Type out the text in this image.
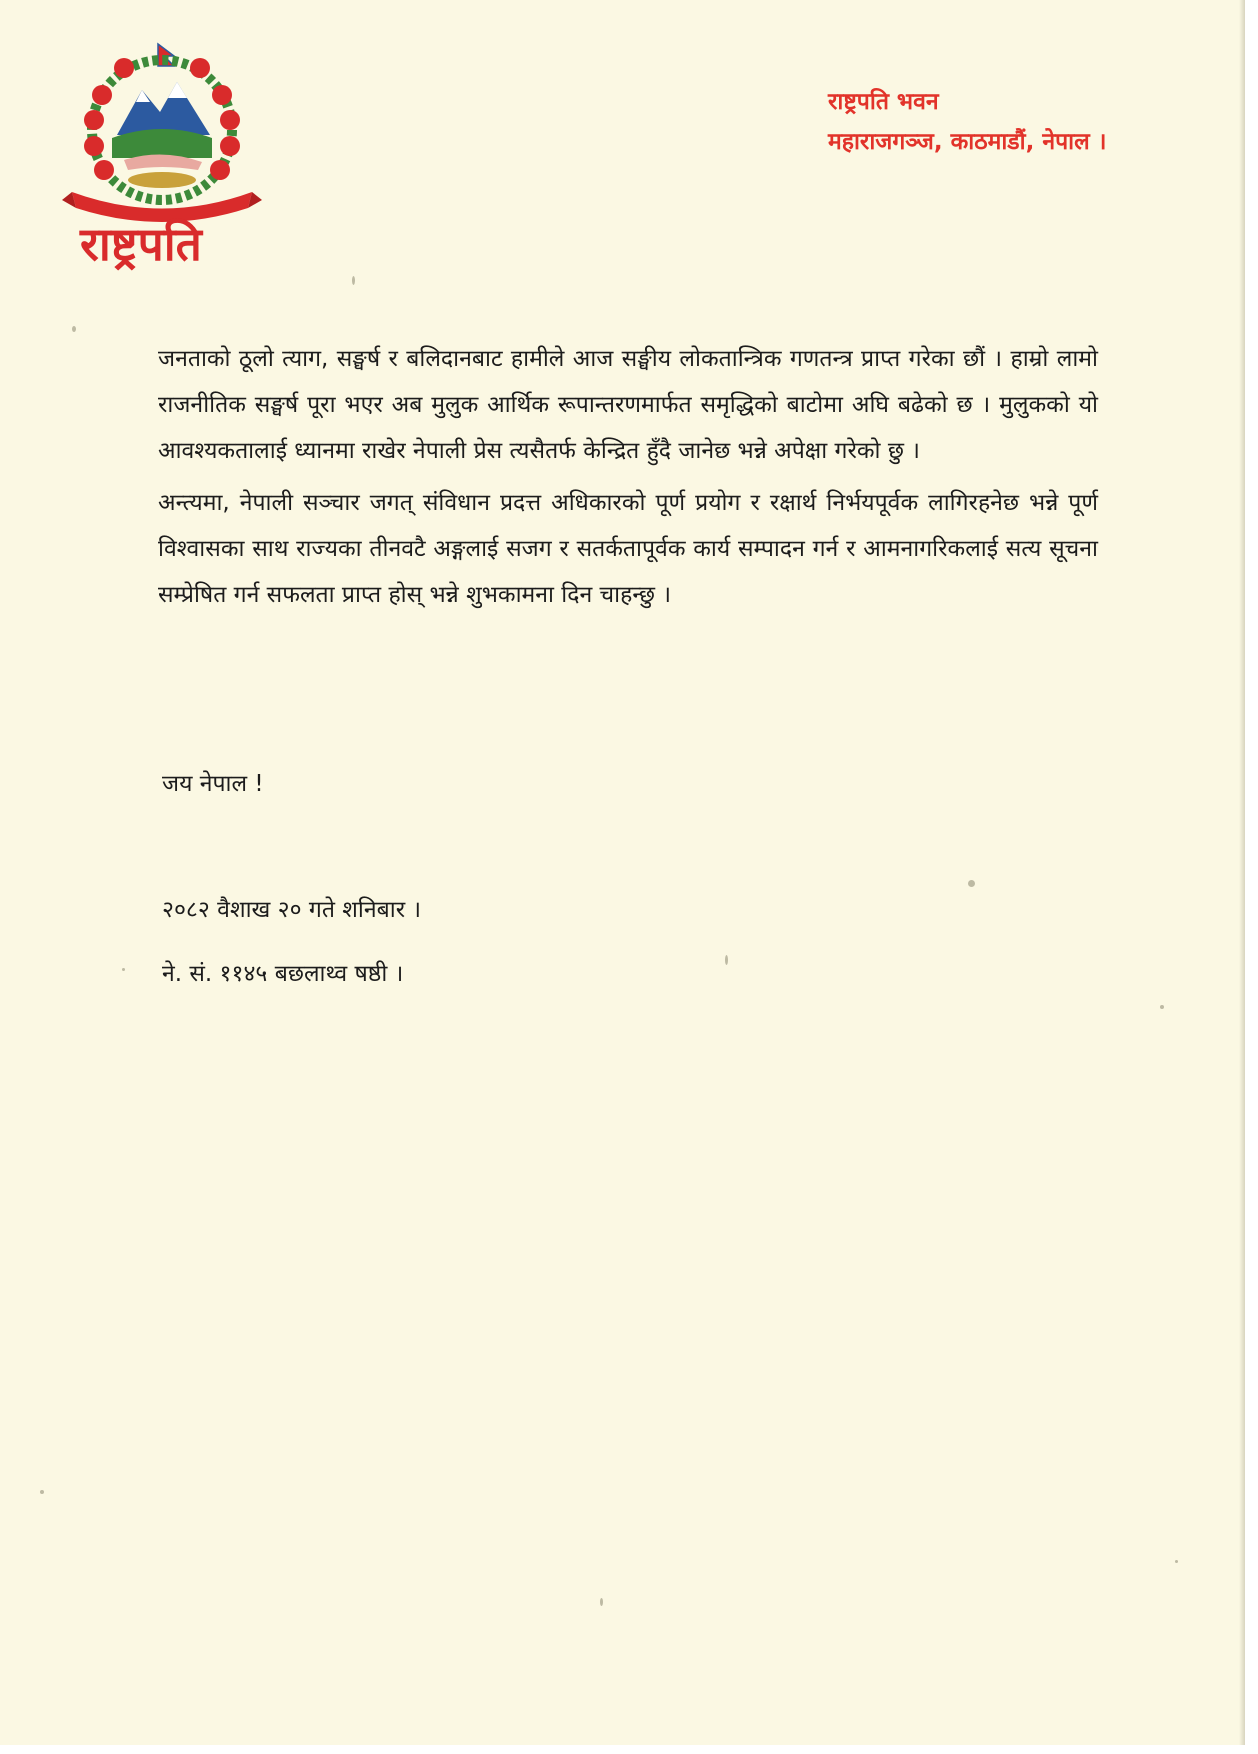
राष्ट्रपति
राष्ट्रपति भवन
महाराजगञ्ज, काठमाडौं, नेपाल ।

जनताको ठूलो त्याग, सङ्घर्ष र बलिदानबाट हामीले आज सङ्घीय लोकतान्त्रिक गणतन्त्र प्राप्त गरेका छौं । हाम्रो लामो राजनीतिक सङ्घर्ष पूरा भएर अब मुलुक आर्थिक रूपान्तरणमार्फत समृद्धिको बाटोमा अघि बढेको छ । मुलुकको यो आवश्यकतालाई ध्यानमा राखेर नेपाली प्रेस त्यसैतर्फ केन्द्रित हुँदै जानेछ भन्ने अपेक्षा गरेको छु ।

अन्त्यमा, नेपाली सञ्चार जगत् संविधान प्रदत्त अधिकारको पूर्ण प्रयोग र रक्षार्थ निर्भयपूर्वक लागिरहनेछ भन्ने पूर्ण विश्वासका साथ राज्यका तीनवटै अङ्गलाई सजग र सतर्कतापूर्वक कार्य सम्पादन गर्न र आमनागरिकलाई सत्य सूचना सम्प्रेषित गर्न सफलता प्राप्त होस् भन्ने शुभकामना दिन चाहन्छु ।

जय नेपाल !
२०८२ वैशाख २० गते शनिबार ।
ने. सं. ११४५ बछलाथ्व षष्ठी ।
